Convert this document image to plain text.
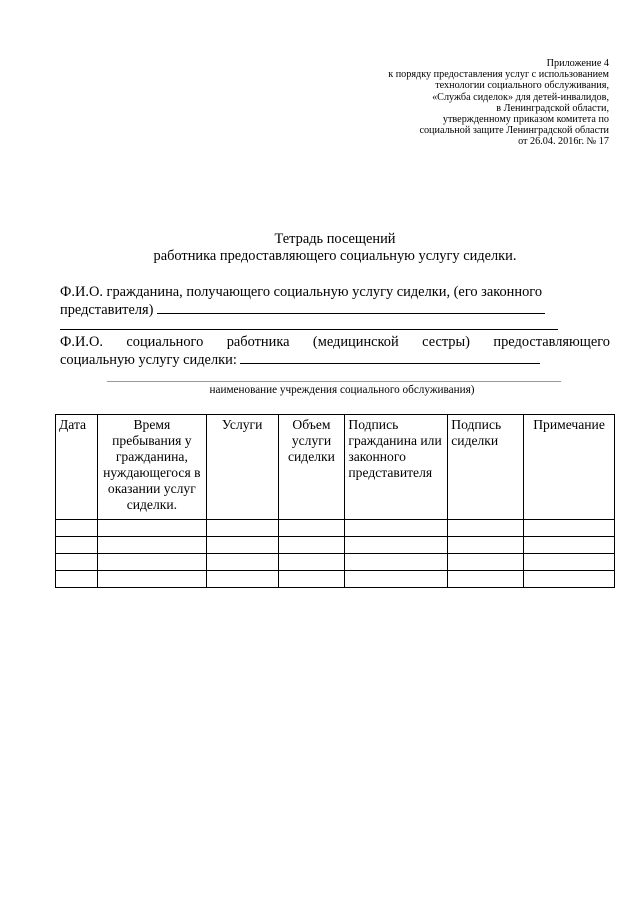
Приложение 4
к порядку предоставления услуг с использованием
технологии социального обслуживания,
«Служба сиделок» для детей-инвалидов,
в Ленинградской области,
утвержденному приказом комитета по
социальной защите Ленинградской области
от 26.04. 2016г. № 17
Тетрадь посещений
работника предоставляющего социальную услугу сиделки.
Ф.И.О. гражданина, получающего социальную услугу сиделки, (его законного
представителя)
Ф.И.О. социального работника (медицинской сестры) предоставляющего
социальную услугу сиделки:
наименование учреждения социального обслуживания)
Дата	Время пребывания у гражданина, нуждающегося в оказании услуг сиделки.	Услуги	Объем услуги сиделки	Подпись гражданина или законного представителя	Подпись сиделки	Примечание
